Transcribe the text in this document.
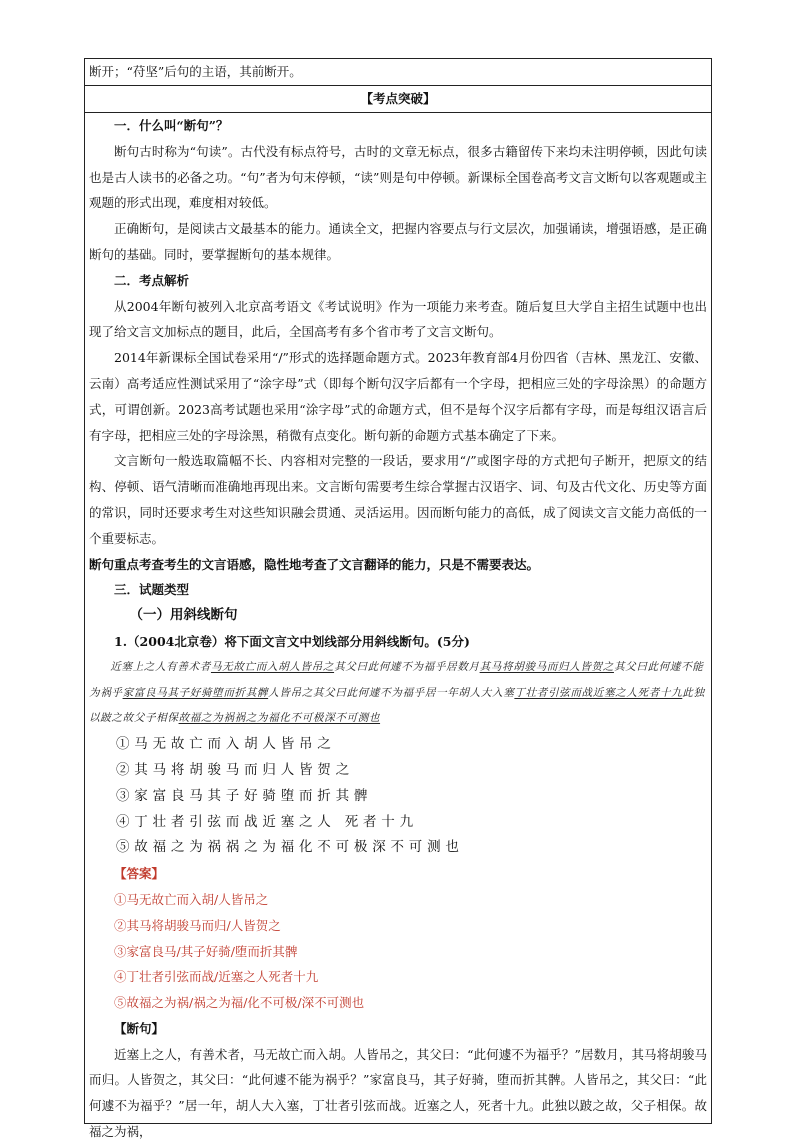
断开；“苻坚”后句的主语，其前断开。
【考点突破】

一．什么叫“断句”？

断句古时称为“句读”。古代没有标点符号，古时的文章无标点，很多古籍留传下来均未注明停顿，因此句读也是古人读书的必备之功。“句”者为句末停顿，“读”则是句中停顿。新课标全国卷高考文言文断句以客观题或主观题的形式出现，难度相对较低。

正确断句，是阅读古文最基本的能力。通读全文，把握内容要点与行文层次，加强诵读，增强语感，是正确断句的基础。同时，要掌握断句的基本规律。

二．考点解析

从2004年断句被列入北京高考语文《考试说明》作为一项能力来考查。随后复旦大学自主招生试题中也出现了给文言文加标点的题目，此后，全国高考有多个省市考了文言文断句。

2014年新课标全国试卷采用“/”形式的选择题命题方式。2023年教育部4月份四省（吉林、黑龙江、安徽、云南）高考适应性测试采用了“涂字母”式（即每个断句汉字后都有一个字母，把相应三处的字母涂黑）的命题方式，可谓创新。2023高考试题也采用“涂字母”式的命题方式，但不是每个汉字后都有字母，而是每组汉语言后有字母，把相应三处的字母涂黑，稍微有点变化。断句新的命题方式基本确定了下来。

文言断句一般选取篇幅不长、内容相对完整的一段话，要求用“/”或图字母的方式把句子断开，把原文的结构、停顿、语气清晰而准确地再现出来。文言断句需要考生综合掌握古汉语字、词、句及古代文化、历史等方面的常识，同时还要求考生对这些知识融会贯通、灵活运用。因而断句能力的高低，成了阅读文言文能力高低的一个重要标志。

断句重点考查考生的文言语感，隐性地考查了文言翻译的能力，只是不需要表达。

三．试题类型

（一）用斜线断句

1.（2004北京卷）将下面文言文中划线部分用斜线断句。(5分)

近塞上之人有善术者马无故亡而入胡人皆吊之其父曰此何遽不为福乎居数月其马将胡骏马而归人皆贺之其父曰此何遽不能为祸乎家富良马其子好骑堕而折其髀人皆吊之其父曰此何遽不为福乎居一年胡人大入塞丁壮者引弦而战近塞之人死者十九此独以跛之故父子相保故福之为祸祸之为福化不可极深不可测也

①马无故亡而入胡人皆吊之

②其马将胡骏马而归人皆贺之

③家富良马其子好骑堕而折其髀

④丁壮者引弦而战近塞之人 死者十九

⑤故福之为祸祸之为福化不可极深不可测也

【答案】

①马无故亡而入胡/人皆吊之

②其马将胡骏马而归/人皆贺之

③家富良马/其子好骑/堕而折其髀

④丁壮者引弦而战/近塞之人死者十九

⑤故福之为祸/祸之为福/化不可极/深不可测也

【断句】

近塞上之人，有善术者，马无故亡而入胡。人皆吊之，其父曰：“此何遽不为福乎？”居数月，其马将胡骏马而归。人皆贺之，其父曰：“此何遽不能为祸乎？”家富良马，其子好骑，堕而折其髀。人皆吊之，其父曰：“此何遽不为福乎？”居一年，胡人大入塞，丁壮者引弦而战。近塞之人，死者十九。此独以跛之故，父子相保。故福之为祸，
